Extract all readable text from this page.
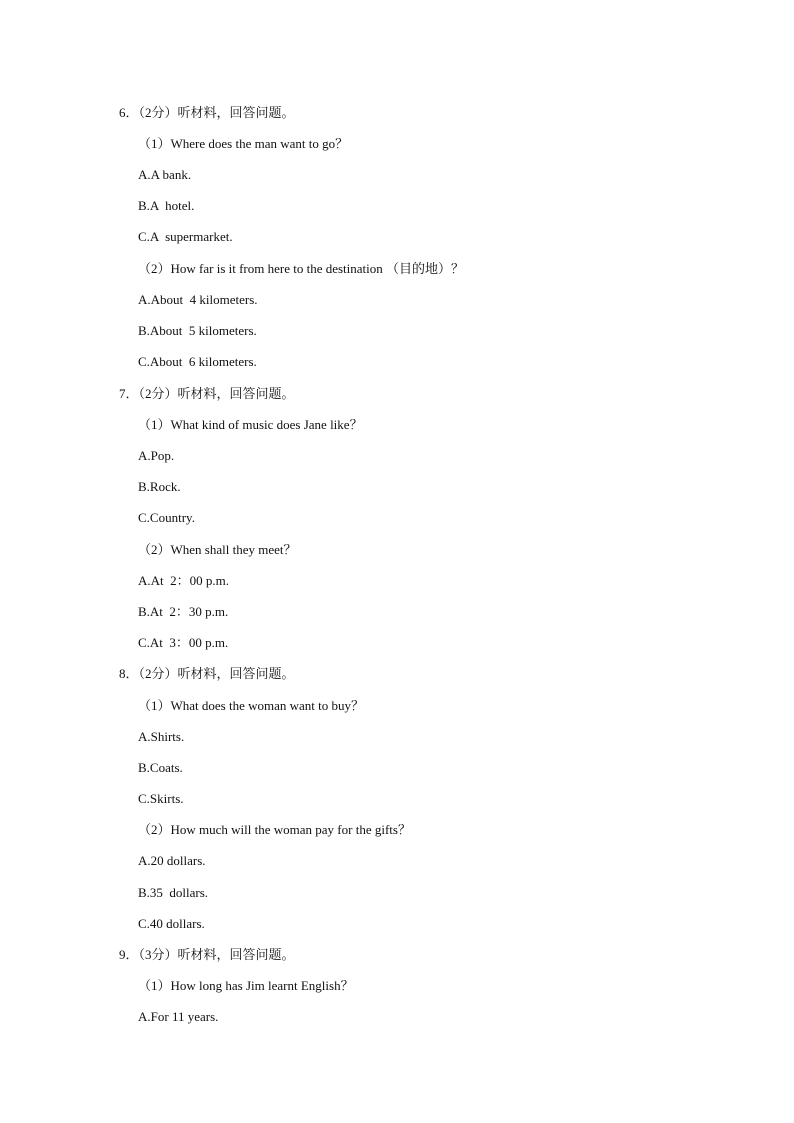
6．（2分）听材料，回答问题。
（1）Where does the man want to go？
A.A bank.
B.A  hotel.
C.A  supermarket.
（2）How far is it from here to the destination （目的地）？
A.About  4 kilometers.
B.About  5 kilometers.
C.About  6 kilometers.
7．（2分）听材料，回答问题。
（1）What kind of music does Jane like？
A.Pop.
B.Rock.
C.Country.
（2）When shall they meet？
A.At  2：00 p.m.
B.At  2：30 p.m.
C.At  3：00 p.m.
8．（2分）听材料，回答问题。
（1）What does the woman want to buy？
A.Shirts.
B.Coats.
C.Skirts.
（2）How much will the woman pay for the gifts？
A.20 dollars.
B.35  dollars.
C.40 dollars.
9．（3分）听材料，回答问题。
（1）How long has Jim learnt English？
A.For 11 years.
